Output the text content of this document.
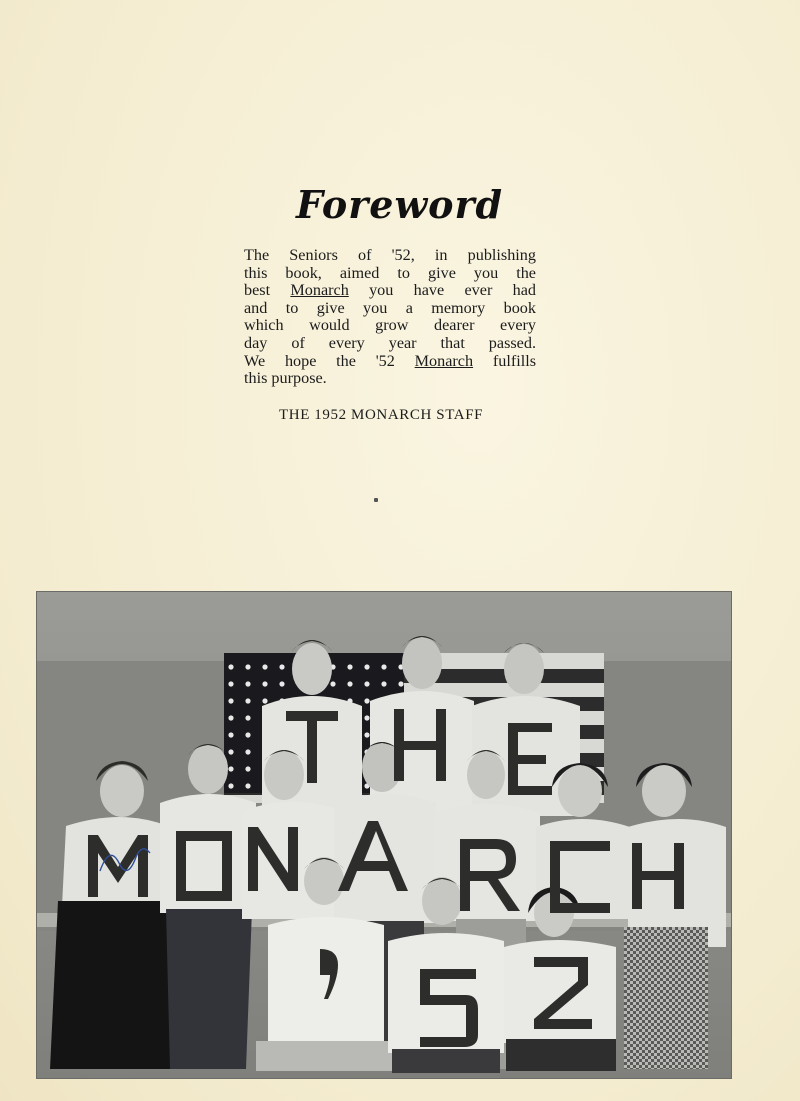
Foreword
The Seniors of '52, in publishing
this book, aimed to give you the
best Monarch you have ever had
and to give you a memory book
which would grow dearer every
day of every year that passed.
We hope the '52 Monarch fulfills
this purpose.
THE 1952 MONARCH STAFF
